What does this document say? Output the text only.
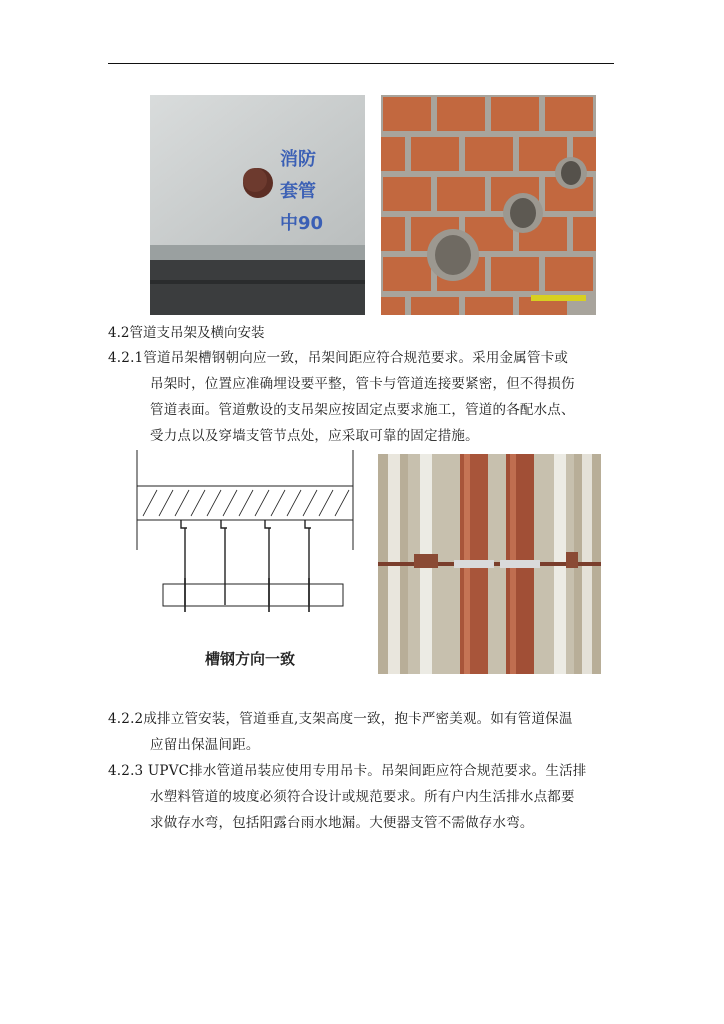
消防
套管
中90
4.2管道支吊架及横向安装
4.2.1管道吊架槽钢朝向应一致，吊架间距应符合规范要求。采用金属管卡或
吊架时，位置应准确埋设要平整，管卡与管道连接要紧密，但不得损伤
管道表面。管道敷设的支吊架应按固定点要求施工，管道的各配水点、
受力点以及穿墙支管节点处，应采取可靠的固定措施。
槽钢方向一致
4.2.2成排立管安装，管道垂直,支架高度一致，抱卡严密美观。如有管道保温
应留出保温间距。
4.2.3 UPVC排水管道吊装应使用专用吊卡。吊架间距应符合规范要求。生活排
水塑料管道的坡度必须符合设计或规范要求。所有户内生活排水点都要
求做存水弯，包括阳露台雨水地漏。大便器支管不需做存水弯。
